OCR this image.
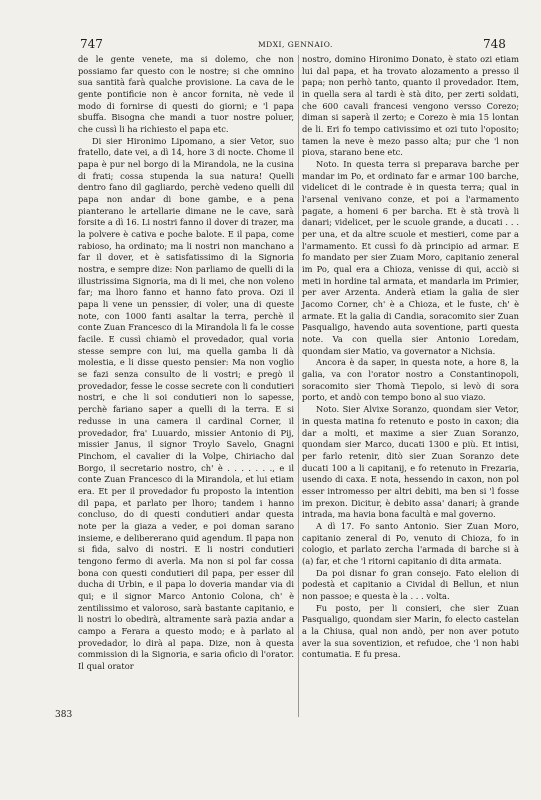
747	MDXI, GENNAIO.	748

de le gente venete, ma si dolemo, che non possiamo far questo con le nostre; si che omnino sua santità farà qualche provisione. La cava de le gente pontificie non è ancor fornita, nè vede il modo di fornirse di questi do giorni; e 'l papa sbuffa. Bisogna che mandi a tuor nostre poluer, che cussì li ha richiesto el papa etc.

Di sier Hironimo Lipomano, a sier Vetor, suo fratello, date vei, a dì 14, hore 3 di nocte. Chome il papa è pur nel borgo di la Mirandola, ne la cusina di frati; cossa stupenda la sua natura! Quelli dentro fano dil gagliardo, perchè vedeno quelli dil papa non andar di bone gambe, e a pena pianterano le artellarie dimane ne le cave, sarà forsite a dì 16. Li nostri fanno il dover di trazer, ma la polvere è cativa e poche balote. E il papa, come rabioso, ha ordinato; ma li nostri non manchano a far il dover, et è satisfatissimo di la Signoria nostra, e sempre dize: Non parliamo de quelli di la illustrissima Signoria, ma di li mei, che non voleno far; ma lhoro fanno et hanno fato prova. Ozi il papa li vene un penssier, di voler, una di queste note, con 1000 fanti asaltar la terra, perchè il conte Zuan Francesco di la Mirandola li fa le cosse facile. E cussì chiamò el provedador, qual voria stesse sempre con lui, ma quella gamba li dà molestia, e li disse questo pensier: Ma non voglio se fazi senza consulto de li vostri; e pregò il provedador, fesse le cosse secrete con li condutieri nostri, e che li soi condutieri non lo sapesse, perchè fariano saper a quelli di la terra. E si redusse in una camera il cardinal Corner, il provedador, fra' Luuardo, missier Antonio di Pij, missier Janus, il signor Troylo Savelo, Gnagni Pinchom, el cavalier di la Volpe, Chiriacho dal Borgo, il secretario nostro, ch' è . . . . . . ., e il conte Zuan Francesco di la Mirandola, et lui etiam era. Et per il provedador fu proposto la intention dil papa, et parlato per lhoro; tandem i hanno concluso, do di questi condutieri andar questa note per la giaza a veder, e poi doman sarano insieme, e delibererano quid agendum. Il papa non si fida, salvo di nostri. E li nostri condutieri tengono fermo di averla. Ma non si pol far cossa bona con questi condutieri dil papa, per esser dil ducha di Urbin, e il papa lo doveria mandar via di qui; e il signor Marco Antonio Colona, ch' è zentilissimo et valoroso, sarà bastante capitanio, e li nostri lo obedirà, altramente sarà pazia andar a campo a Ferara a questo modo; e à parlato al provedador, lo dirà al papa. Dize, non à questa commission di la Signoria, e saria oficio di l'orator. Il qual orator

nostro, domino Hironimo Donato, è stato ozi etiam lui dal papa, et ha trovato alozamento a presso il papa; non perhò tanto, quanto il provedador. Item, in quella sera al tardi è stà dito, per zerti soldati, che 600 cavali francesi vengono versso Corezo; diman si saperà il zerto; e Corezo è mia 15 lontan de li. Eri fo tempo cativissimo et ozi tuto l'oposito; tamen la neve è mezo passo alta; pur che 'l non piova, starano bene etc.

Noto. In questa terra si preparava barche per mandar im Po, et ordinato far e armar 100 barche, videlicet di le contrade è in questa terra; qual in l'arsenal venivano conze, et poi a l'armamento pagate, a homeni 6 per barcha. Et è stà trovà li danari; videlicet, per le scuole grande, a ducati . . . per una, et da altre scuole et mestieri, come par a l'armamento. Et cussì fo dà principio ad armar. E fo mandato per sier Zuam Moro, capitanio zeneral im Po, qual era a Chioza, venisse di qui, acciò si meti in hordine tal armata, et mandarla im Primier, per aver Arzenta. Anderà etiam la galia de sier Jacomo Corner, ch' è a Chioza, et le fuste, ch' è armate. Et la galia di Candia, soracomito sier Zuan Pasqualigo, havendo auta soventione, parti questa note. Va con quella sier Antonio Loredam, quondam sier Matio, va governator a Nichsia.

Ancora è da saper, in questa note, a hore 8, la galia, va con l'orator nostro a Constantinopoli, soracomito sier Thomà Tiepolo, si levò di sora porto, et andò con tempo bono al suo viazo.

Noto. Sier Alvixe Soranzo, quondam sier Vetor, in questa matina fo retenuto e posto in caxon; dia dar a molti, et maxime a sier Zuan Soranzo, quondam sier Marco, ducati 1300 e più. Et intisi, per farlo retenir, ditò sier Zuan Soranzo dete ducati 100 a li capitanij, e fo retenuto in Frezaria, usendo di caxa. E nota, hessendo in caxon, non pol esser intromesso per altri debiti, ma ben si 'l fosse im prexon. Dicitur, è debito assa' danari; à grande intrada, ma havia bona facultà e mal governo.

A dì 17. Fo santo Antonio. Sier Zuan Moro, capitanio zeneral di Po, venuto di Chioza, fo in cologio, et parlato zercha l'armada di barche si à (a) far, et che 'l ritorni capitanio di dita armata.

Da poi disnar fo gran consejo. Fato elelion di podestà et capitanio a Cividal di Bellun, et niun non passoe; e questa è la . . . volta.

Fu posto, per li consieri, che sier Zuan Pasqualigo, quondam sier Marin, fo electo castelan a la Chiusa, qual non andò, per non aver potuto aver la sua soventizion, et refudoe, che 'l non habi contumatia. E fu presa.

383
